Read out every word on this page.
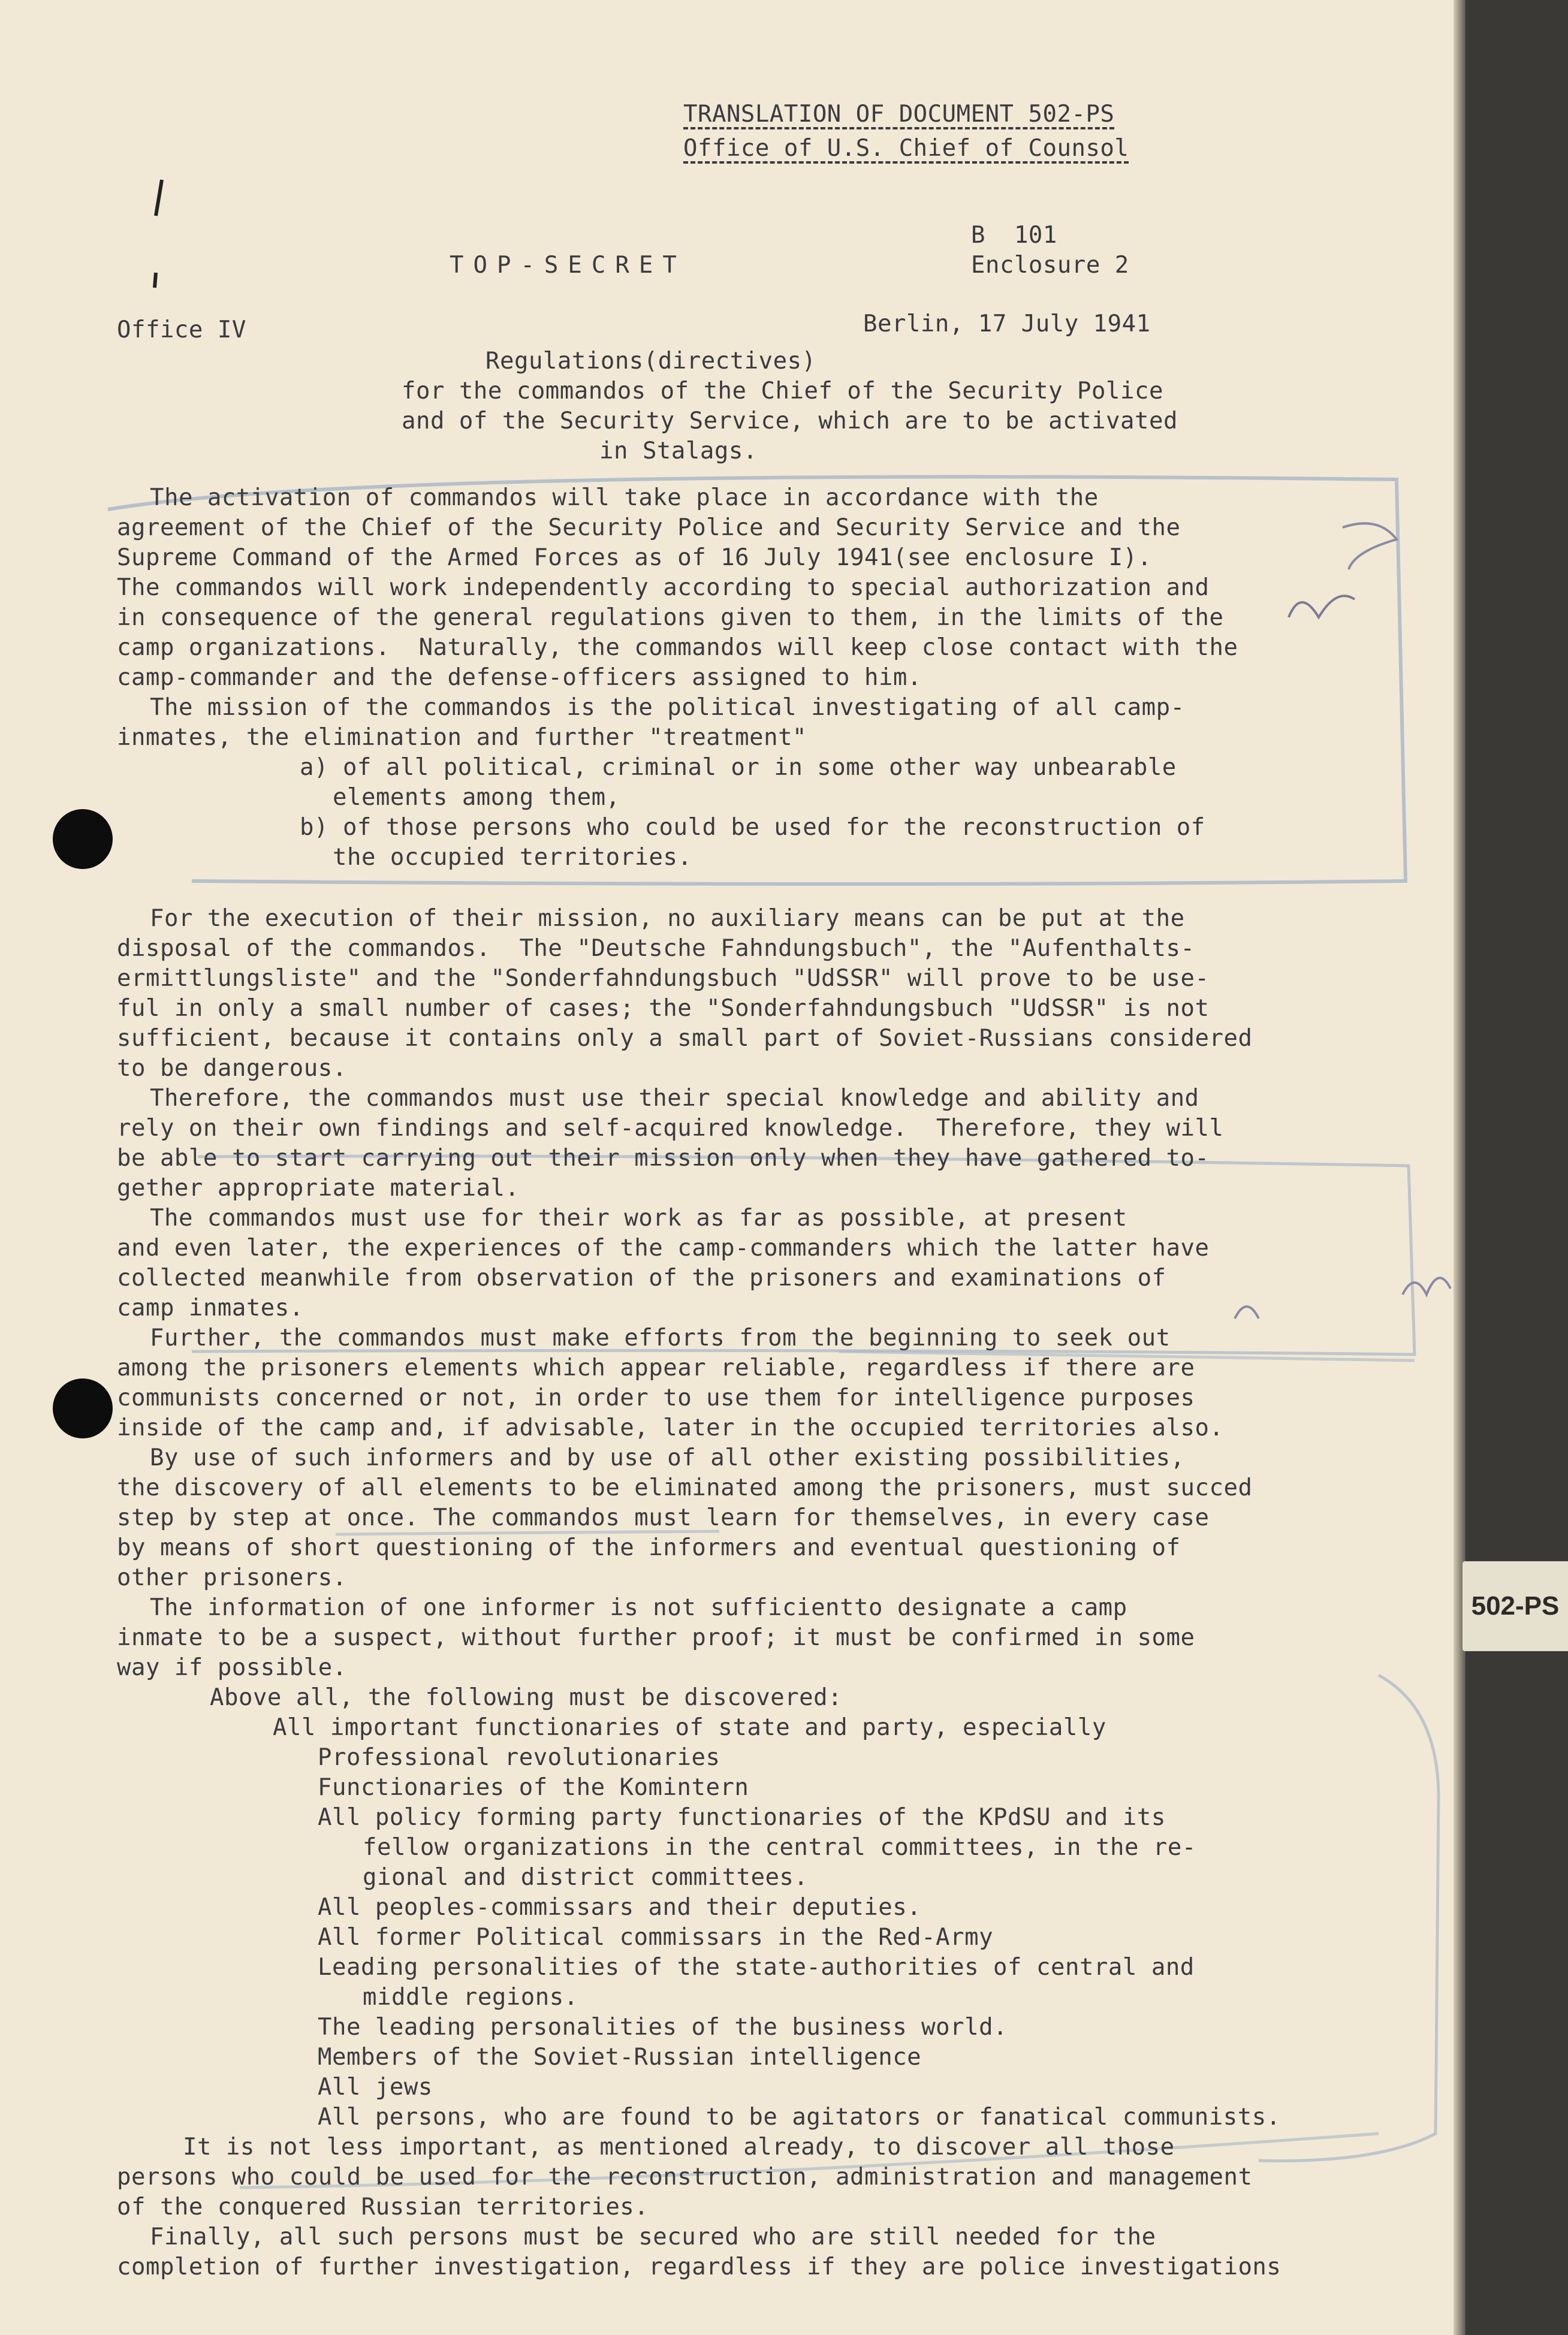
TRANSLATION OF DOCUMENT 502-PS
Office of U.S. Chief of Counsol
B  101
TOP-SECRET	Enclosure 2
Office IV	Berlin, 17 July 1941
Regulations(directives)
for the commandos of the Chief of the Security Police
and of the Security Service, which are to be activated
in Stalags.
The activation of commandos will take place in accordance with the
agreement of the Chief of the Security Police and Security Service and the
Supreme Command of the Armed Forces as of 16 July 1941(see enclosure I).
The commandos will work independently according to special authorization and
in consequence of the general regulations given to them, in the limits of the
camp organizations.  Naturally, the commandos will keep close contact with the
camp-commander and the defense-officers assigned to him.
The mission of the commandos is the political investigating of all camp-
inmates, the elimination and further "treatment"
a) of all political, criminal or in some other way unbearable
elements among them,
b) of those persons who could be used for the reconstruction of
the occupied territories.
For the execution of their mission, no auxiliary means can be put at the
disposal of the commandos.  The "Deutsche Fahndungsbuch", the "Aufenthalts-
ermittlungsliste" and the "Sonderfahndungsbuch "UdSSR" will prove to be use-
ful in only a small number of cases; the "Sonderfahndungsbuch "UdSSR" is not
sufficient, because it contains only a small part of Soviet-Russians considered
to be dangerous.
Therefore, the commandos must use their special knowledge and ability and
rely on their own findings and self-acquired knowledge.  Therefore, they will
be able to start carrying out their mission only when they have gathered to-
gether appropriate material.
The commandos must use for their work as far as possible, at present
and even later, the experiences of the camp-commanders which the latter have
collected meanwhile from observation of the prisoners and examinations of
camp inmates.
Further, the commandos must make efforts from the beginning to seek out
among the prisoners elements which appear reliable, regardless if there are
communists concerned or not, in order to use them for intelligence purposes
inside of the camp and, if advisable, later in the occupied territories also.
By use of such informers and by use of all other existing possibilities,
the discovery of all elements to be eliminated among the prisoners, must succed
step by step at once. The commandos must learn for themselves, in every case
by means of short questioning of the informers and eventual questioning of
other prisoners.
The information of one informer is not sufficientto designate a camp
inmate to be a suspect, without further proof; it must be confirmed in some
way if possible.
Above all, the following must be discovered:
All important functionaries of state and party, especially
Professional revolutionaries
Functionaries of the Komintern
All policy forming party functionaries of the KPdSU and its
fellow organizations in the central committees, in the re-
gional and district committees.
All peoples-commissars and their deputies.
All former Political commissars in the Red-Army
Leading personalities of the state-authorities of central and
middle regions.
The leading personalities of the business world.
Members of the Soviet-Russian intelligence
All jews
All persons, who are found to be agitators or fanatical communists.
It is not less important, as mentioned already, to discover all those
persons who could be used for the reconstruction, administration and management
of the conquered Russian territories.
Finally, all such persons must be secured who are still needed for the
completion of further investigation, regardless if they are police investigations
502-PS
